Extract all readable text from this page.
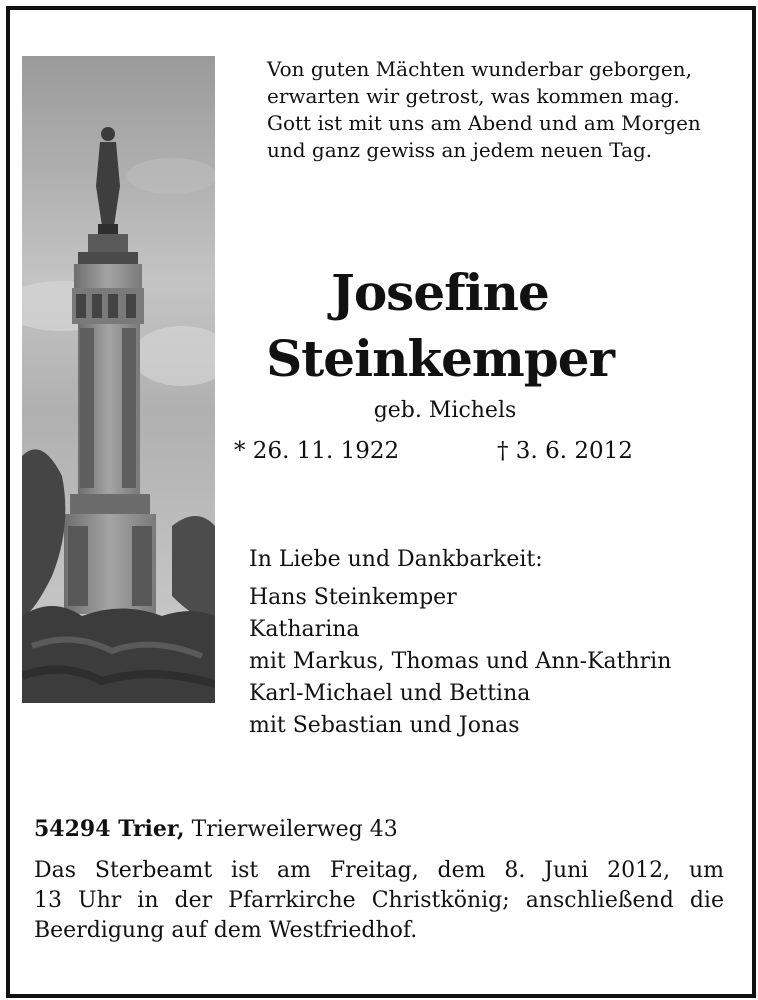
Von guten Mächten wunderbar geborgen,
erwarten wir getrost, was kommen mag.
Gott ist mit uns am Abend und am Morgen
und ganz gewiss an jedem neuen Tag.
Josefine
Steinkemper
geb. Michels
* 26. 11. 1922	† 3. 6. 2012
In Liebe und Dankbarkeit:
Hans Steinkemper
Katharina
mit Markus, Thomas und Ann-Kathrin
Karl-Michael und Bettina
mit Sebastian und Jonas
54294 Trier, Trierweilerweg 43
Das Sterbeamt ist am Freitag, dem 8. Juni 2012, um
13 Uhr in der Pfarrkirche Christkönig; anschließend die
Beerdigung auf dem Westfriedhof.
